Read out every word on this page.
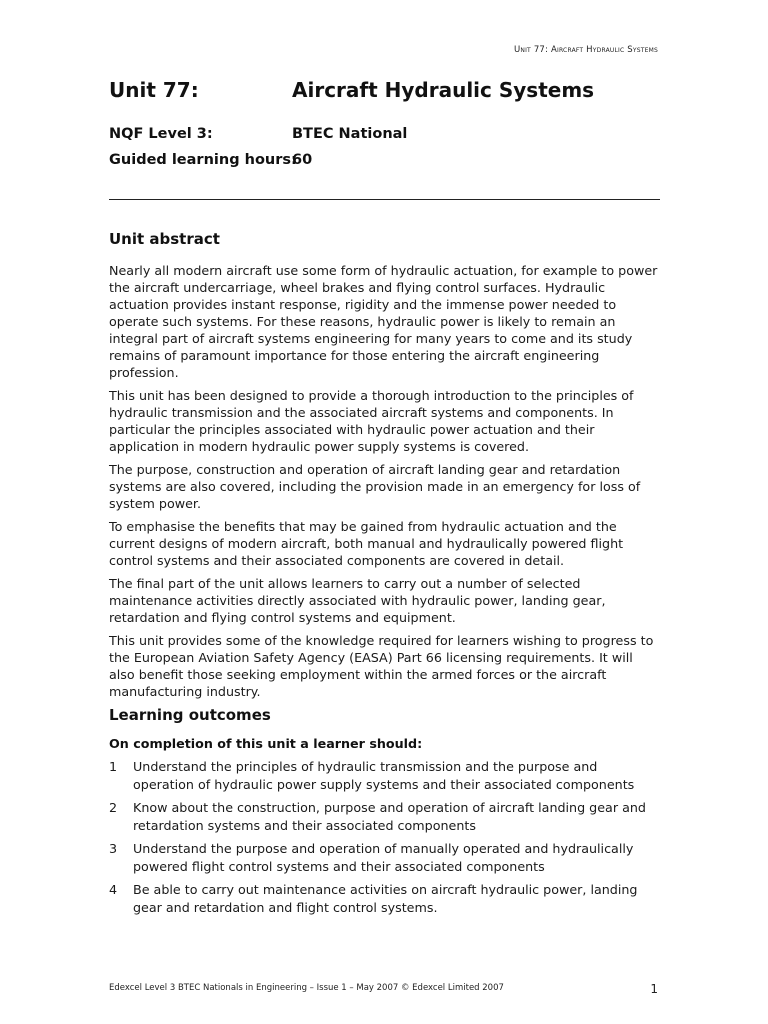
Unit 77: Aircraft Hydraulic Systems
Unit 77:	Aircraft Hydraulic Systems
NQF Level 3:	BTEC National
Guided learning hours:
60
Unit abstract

Nearly all modern aircraft use some form of hydraulic actuation, for example to power the aircraft undercarriage, wheel brakes and flying control surfaces. Hydraulic actuation provides instant response, rigidity and the immense power needed to operate such systems. For these reasons, hydraulic power is likely to remain an integral part of aircraft systems engineering for many years to come and its study remains of paramount importance for those entering the aircraft engineering profession.

This unit has been designed to provide a thorough introduction to the principles of hydraulic transmission and the associated aircraft systems and components. In particular the principles associated with hydraulic power actuation and their application in modern hydraulic power supply systems is covered.

The purpose, construction and operation of aircraft landing gear and retardation systems are also covered, including the provision made in an emergency for loss of system power.

To emphasise the benefits that may be gained from hydraulic actuation and the current designs of modern aircraft, both manual and hydraulically powered flight control systems and their associated components are covered in detail.

The final part of the unit allows learners to carry out a number of selected maintenance activities directly associated with hydraulic power, landing gear, retardation and flying control systems and equipment.

This unit provides some of the knowledge required for learners wishing to progress to the European Aviation Safety Agency (EASA) Part 66 licensing requirements. It will also benefit those seeking employment within the armed forces or the aircraft manufacturing industry.

Learning outcomes
On completion of this unit a learner should:
1 Understand the principles of hydraulic transmission and the purpose and operation of hydraulic power supply systems and their associated components
2 Know about the construction, purpose and operation of aircraft landing gear and retardation systems and their associated components
3 Understand the purpose and operation of manually operated and hydraulically powered flight control systems and their associated components
4 Be able to carry out maintenance activities on aircraft hydraulic power, landing gear and retardation and flight control systems.
Edexcel Level 3 BTEC Nationals in Engineering – Issue 1 – May 2007 © Edexcel Limited 2007	1
